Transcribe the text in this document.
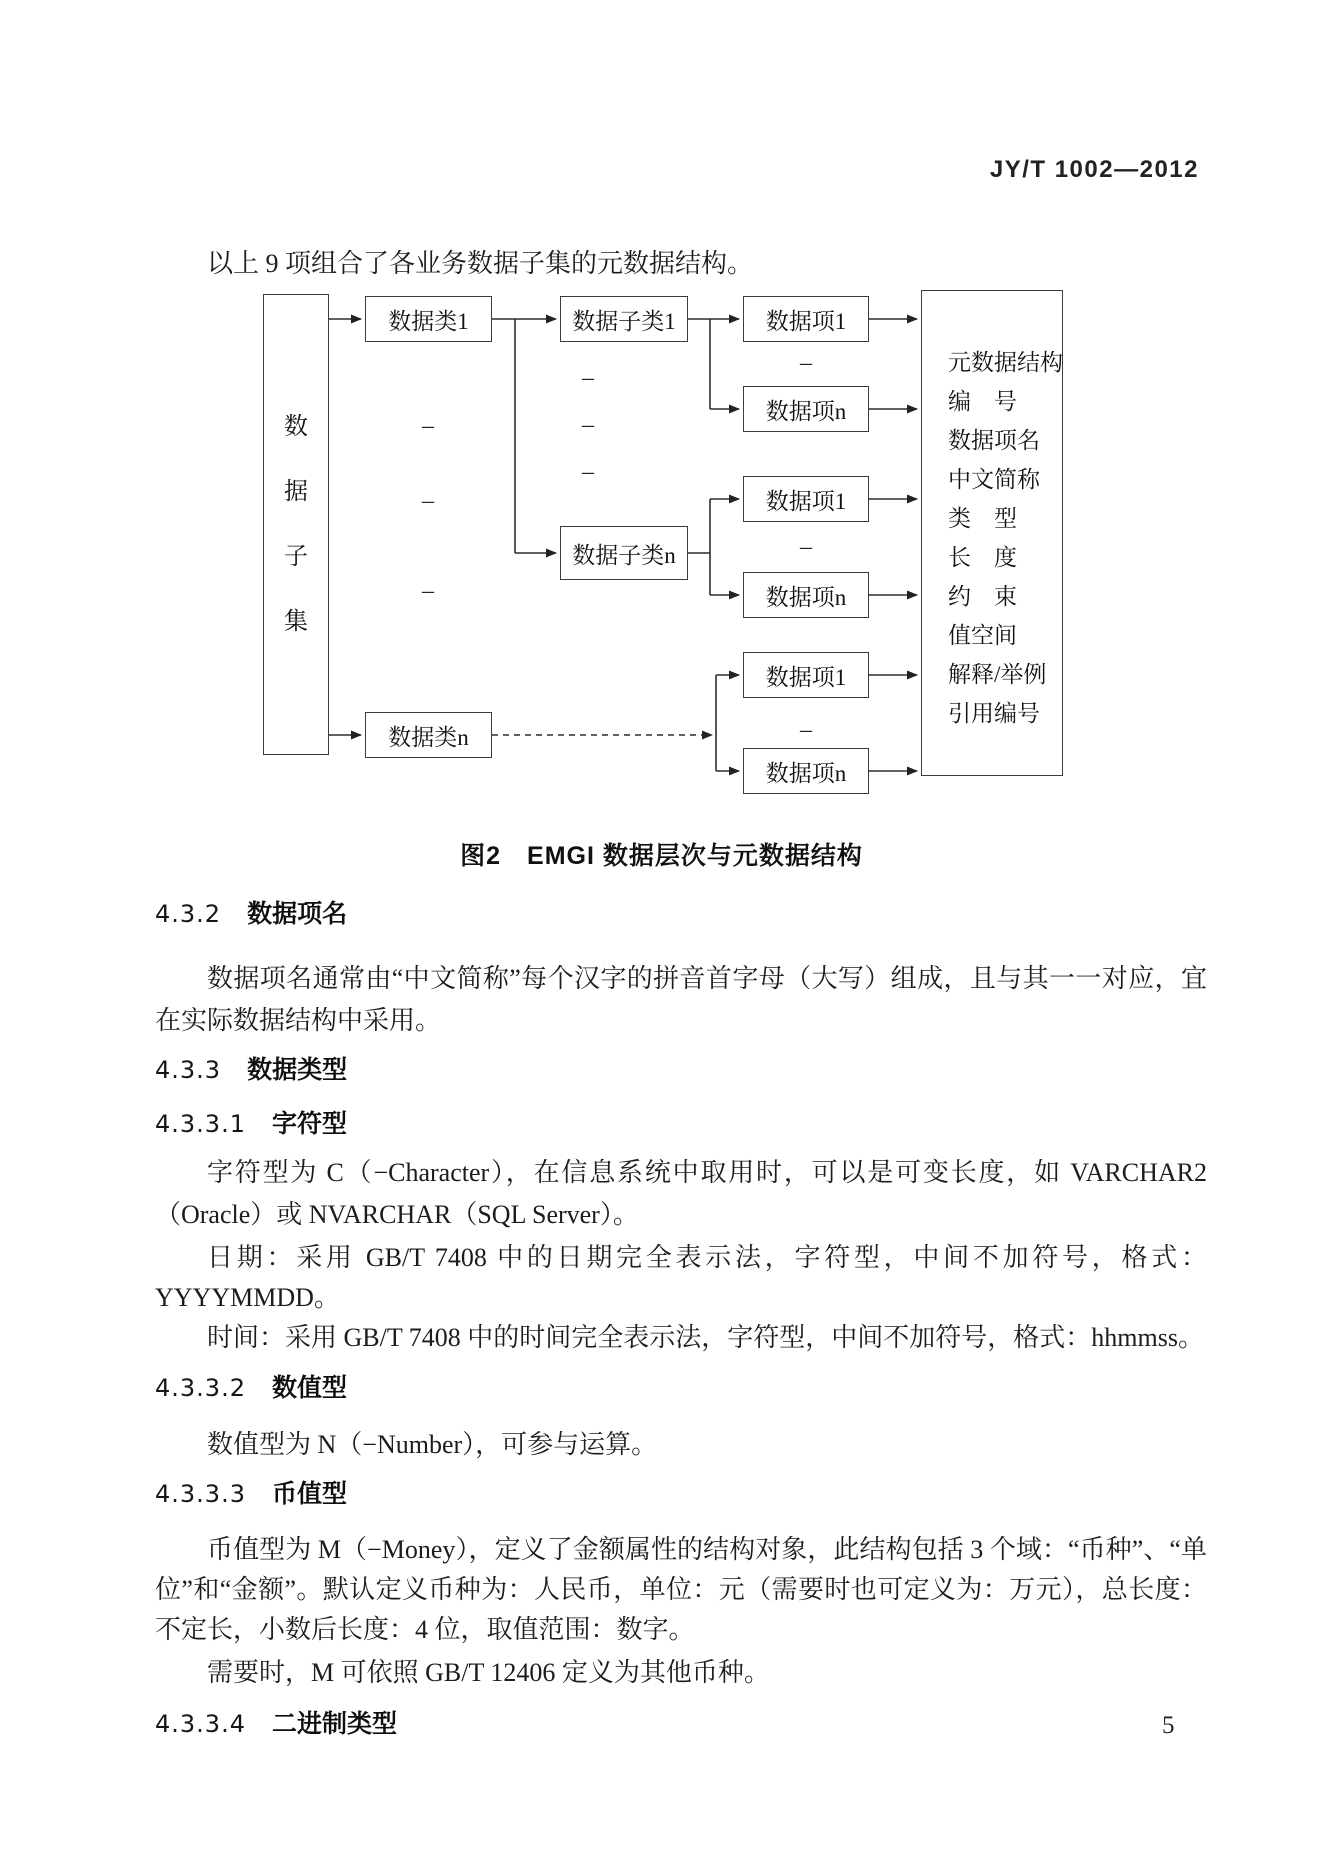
JY/T 1002—2012

以上 9 项组合了各业务数据子集的元数据结构。

数据子集
数据类1
数据类n
数据子类1
数据子类n
数据项1
数据项n
数据项1
数据项n
数据项1
数据项n
元数据结构
编　号
数据项名
中文简称
类　型
长　度
约　束
值空间
解释/举例
引用编号
–
–
–
–
–
–
–
–
–
图2　EMGI 数据层次与元数据结构
4.3.2 数据项名

数据项名通常由“中文简称”每个汉字的拼音首字母（大写）组成，且与其一一对应，宜在实际数据结构中采用。

4.3.3 数据类型
4.3.3.1 字符型

字符型为 C（−Character），在信息系统中取用时，可以是可变长度，如 VARCHAR2 （Oracle）或 NVARCHAR（SQL Server）。

日期：采用 GB/T 7408 中的日期完全表示法，字符型，中间不加符号，格式：YYYYMMDD。

时间：采用 GB/T 7408 中的时间完全表示法，字符型，中间不加符号，格式：hhmmss。

4.3.3.2 数值型

数值型为 N（−Number），可参与运算。

4.3.3.3 币值型

币值型为 M（−Money），定义了金额属性的结构对象，此结构包括 3 个域：“币种”、“单位”和“金额”。默认定义币种为：人民币，单位：元（需要时也可定义为：万元），总长度：不定长，小数后长度：4 位，取值范围：数字。

需要时，M 可依照 GB/T 12406 定义为其他币种。

4.3.3.4 二进制类型	5
